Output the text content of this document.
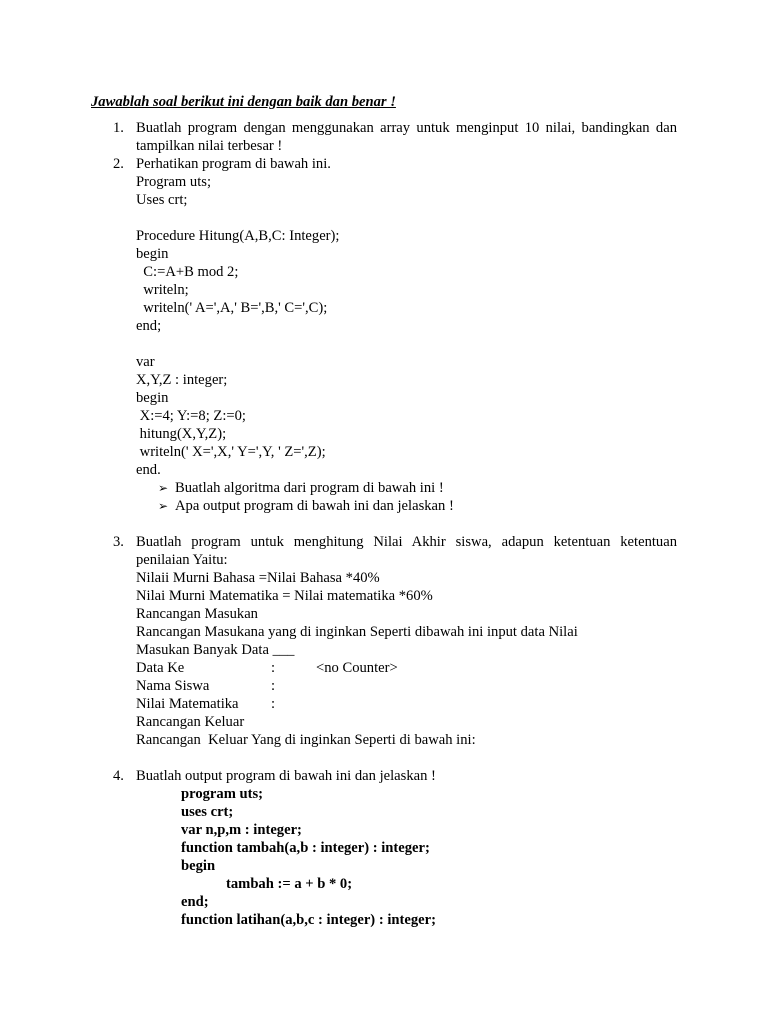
Jawablah soal berikut ini dengan baik dan benar !
1. Buatlah program dengan menggunakan array untuk menginput 10 nilai, bandingkan dan
tampilkan nilai terbesar !
2. Perhatikan program di bawah ini.
Program uts;
Uses crt;
Procedure Hitung(A,B,C: Integer);
begin
C:=A+B mod 2;
writeln;
writeln(' A=',A,' B=',B,' C=',C);
end;
var
X,Y,Z : integer;
begin
X:=4; Y:=8; Z:=0;
hitung(X,Y,Z);
writeln(' X=',X,' Y=',Y, ' Z=',Z);
end.
➢ Buatlah algoritma dari program di bawah ini !
➢ Apa output program di bawah ini dan jelaskan !
3. Buatlah program untuk menghitung Nilai Akhir siswa, adapun ketentuan ketentuan
penilaian Yaitu:
Nilaii Murni Bahasa =Nilai Bahasa *40%
Nilai Murni Matematika = Nilai matematika *60%
Rancangan Masukan
Rancangan Masukana yang di inginkan Seperti dibawah ini input data Nilai
Masukan Banyak Data ___
Data Ke	:	<no Counter>
Nama Siswa	:
Nilai Matematika :
Rancangan Keluar
Rancangan  Keluar Yang di inginkan Seperti di bawah ini:
4. Buatlah output program di bawah ini dan jelaskan !
program uts;
uses crt;
var n,p,m : integer;
function tambah(a,b : integer) : integer;
begin
tambah := a + b * 0;
end;
function latihan(a,b,c : integer) : integer;
